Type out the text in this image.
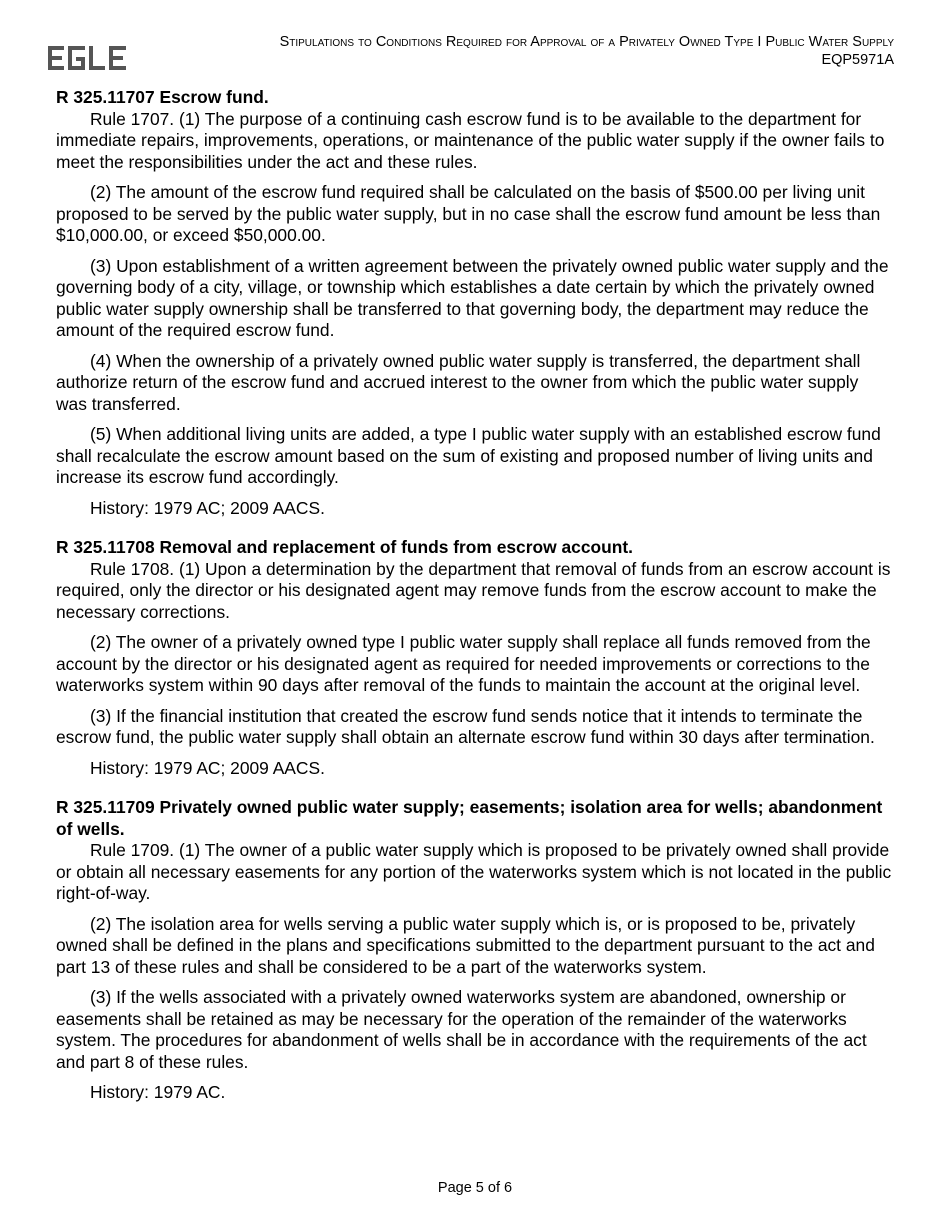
Stipulations to Conditions Required for Approval of a Privately Owned Type I Public Water Supply
EQP5971A
R 325.11707 Escrow fund.

Rule 1707. (1) The purpose of a continuing cash escrow fund is to be available to the department for immediate repairs, improvements, operations, or maintenance of the public water supply if the owner fails to meet the responsibilities under the act and these rules.

(2) The amount of the escrow fund required shall be calculated on the basis of $500.00 per living unit proposed to be served by the public water supply, but in no case shall the escrow fund amount be less than $10,000.00, or exceed $50,000.00.

(3) Upon establishment of a written agreement between the privately owned public water supply and the governing body of a city, village, or township which establishes a date certain by which the privately owned public water supply ownership shall be transferred to that governing body, the department may reduce the amount of the required escrow fund.

(4) When the ownership of a privately owned public water supply is transferred, the department shall authorize return of the escrow fund and accrued interest to the owner from which the public water supply was transferred.

(5) When additional living units are added, a type I public water supply with an established escrow fund shall recalculate the escrow amount based on the sum of existing and proposed number of living units and increase its escrow fund accordingly.

History: 1979 AC; 2009 AACS.

R 325.11708 Removal and replacement of funds from escrow account.

Rule 1708. (1) Upon a determination by the department that removal of funds from an escrow account is required, only the director or his designated agent may remove funds from the escrow account to make the necessary corrections.

(2) The owner of a privately owned type I public water supply shall replace all funds removed from the account by the director or his designated agent as required for needed improvements or corrections to the waterworks system within 90 days after removal of the funds to maintain the account at the original level.

(3) If the financial institution that created the escrow fund sends notice that it intends to terminate the escrow fund, the public water supply shall obtain an alternate escrow fund within 30 days after termination.

History: 1979 AC; 2009 AACS.

R 325.11709 Privately owned public water supply; easements; isolation area for wells; abandonment of wells.

Rule 1709. (1) The owner of a public water supply which is proposed to be privately owned shall provide or obtain all necessary easements for any portion of the waterworks system which is not located in the public right-of-way.

(2) The isolation area for wells serving a public water supply which is, or is proposed to be, privately owned shall be defined in the plans and specifications submitted to the department pursuant to the act and part 13 of these rules and shall be considered to be a part of the waterworks system.

(3) If the wells associated with a privately owned waterworks system are abandoned, ownership or easements shall be retained as may be necessary for the operation of the remainder of the waterworks system. The procedures for abandonment of wells shall be in accordance with the requirements of the act and part 8 of these rules.

History: 1979 AC.

Page 5 of 6
